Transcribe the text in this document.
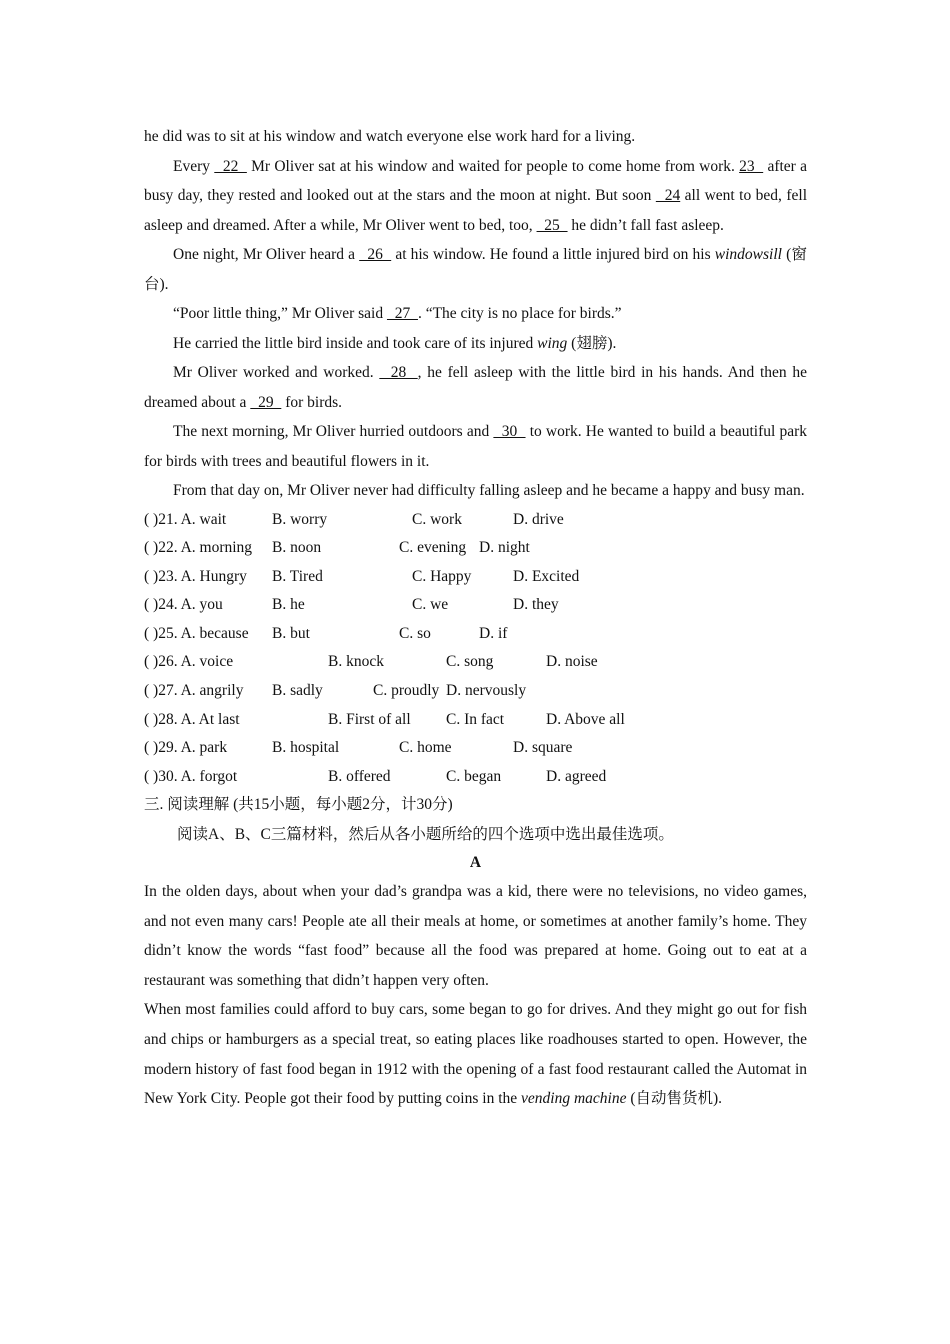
he did was to sit at his window and watch everyone else work hard for a living.

Every   22   Mr Oliver sat at his window and waited for people to come home from work. 23   after a busy day, they rested and looked out at the stars and the moon at night. But soon   24 all went to bed, fell asleep and dreamed. After a while, Mr Oliver went to bed, too,   25   he didn’t fall fast asleep.

One night, Mr Oliver heard a   26   at his window. He found a little injured bird on his windowsill (窗台).

“Poor little thing,” Mr Oliver said   27  . “The city is no place for birds.”

He carried the little bird inside and took care of its injured wing (翅膀).

Mr Oliver worked and worked.   28  , he fell asleep with the little bird in his hands. And then he dreamed about a   29   for birds.

The next morning, Mr Oliver hurried outdoors and   30   to work. He wanted to build a beautiful park for birds with trees and beautiful flowers in it.

From that day on, Mr Oliver never had difficulty falling asleep and he became a happy and busy man.

( )21. A. wait	B. worry	C. work	D. drive
( )22. A. morning B. noon	C. evening D. night
( )23. A. Hungry B. Tired	C. Happy	D. Excited
( )24. A. you	B. he	C. we	D. they
( )25. A. because B. but	C. so	D. if
( )26. A. voice	B. knock	C. song	D. noise
( )27. A. angrily B. sadly	C. proudly D. nervously
( )28. A. At last	B. First of all C. In fact	D. Above all
( )29. A. park	B. hospital	C. home	D. square
( )30. A. forgot	B. offered	C. began	D. agreed

三. 阅读理解 (共15小题，每小题2分，计30分)

阅读A、B、C三篇材料，然后从各小题所给的四个选项中选出最佳选项。

A

In the olden days, about when your dad’s grandpa was a kid, there were no televisions, no video games, and not even many cars! People ate all their meals at home, or sometimes at another family’s home. They didn’t know the words “fast food” because all the food was prepared at home. Going out to eat at a restaurant was something that didn’t happen very often.

When most families could afford to buy cars, some began to go for drives. And they might go out for fish and chips or hamburgers as a special treat, so eating places like roadhouses started to open. However, the modern history of fast food began in 1912 with the opening of a fast food restaurant called the Automat in New York City. People got their food by putting coins in the vending machine (自动售货机).
